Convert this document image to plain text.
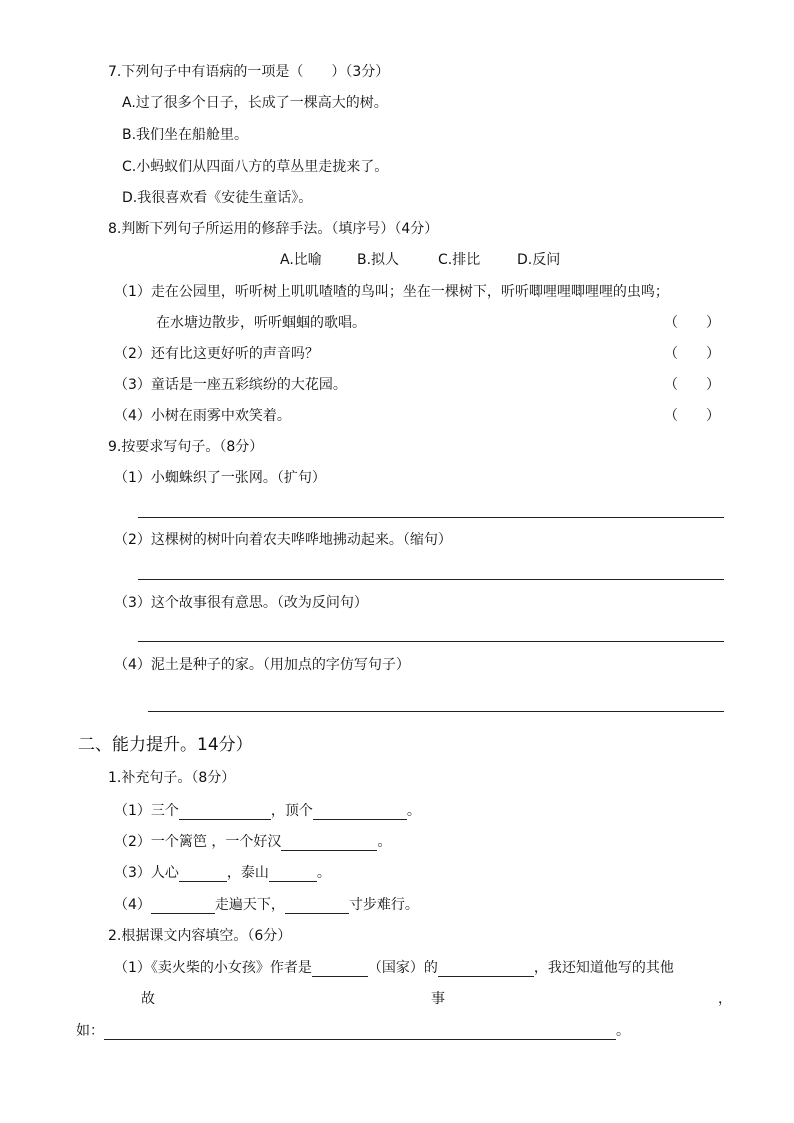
7.下列句子中有语病的一项是（　　）（3分）
A.过了很多个日子，长成了一棵高大的树。
B.我们坐在船舱里。
C.小蚂蚁们从四面八方的草丛里走拢来了。
D.我很喜欢看《安徒生童话》。
8.判断下列句子所运用的修辞手法。（填序号）（4分）
A.比喻	B.拟人	C.排比	D.反问
（1）走在公园里，听听树上叽叽喳喳的鸟叫；坐在一棵树下，听听唧哩哩唧哩哩的虫鸣；
在水塘边散步，听听蝈蝈的歌唱。	（　　）
（2）还有比这更好听的声音吗？	（　　）
（3）童话是一座五彩缤纷的大花园。	（　　）
（4）小树在雨雾中欢笑着。	（　　）
9.按要求写句子。（8分）
（1）小蜘蛛织了一张网。（扩句）
（2）这棵树的树叶向着农夫哗哗地拂动起来。（缩句）
（3）这个故事很有意思。（改为反问句）
（4）泥土是种子的家。（用加点的字仿写句子）
二、能力提升。14分）
1.补充句子。（8分）
（1）三个	，顶个	。
（2）一个篱笆 ，一个好汉	。
（3）人心	，泰山	。
（4）	走遍天下，	寸步难行。
2.根据课文内容填空。（6分）
（1）《卖火柴的小女孩》作者是	（国家）的	，我还知道他写的其他
故	事	，
如：	。
